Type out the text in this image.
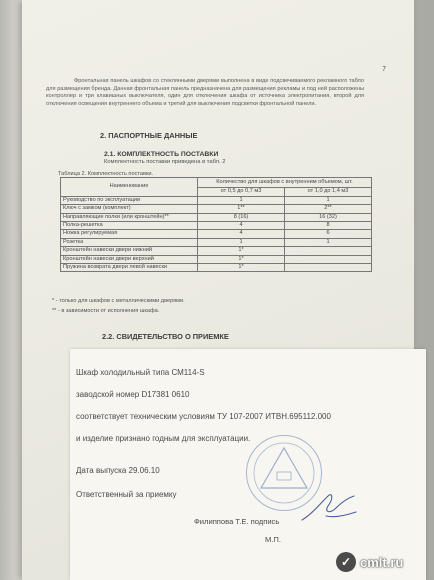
7

Фронтальная панель шкафов со стеклянными дверями выполнена в виде подсвечиваемого рекламного табло для размещения бренда. Данная фронтальная панель предназначена для размещения рекламы и под ней расположены контроллер и три клавишных выключателя, один для отключения шкафа от источника электропитания, второй для отключения освещения внутреннего объема и третий для выключения подсветки фронтальной панели.

2. ПАСПОРТНЫЕ ДАННЫЕ
2.1. КОМПЛЕКТНОСТЬ ПОСТАВКИ
Комплектность поставки приведена в табл. 2
Таблица 2. Комплектность поставки.
Наименование	Количество для шкафов с внутренним объемом, шт.	
	от 0,5 до 0,7 м3	от 1,0 до 1,4 м3
Руководство по эксплуатации	1	1
Ключ с замком (комплект)	1**	2**
Направляющие полки (или кронштейн)**	8 (16)	16 (32)
Полка-решетка	4	8
Ножка регулируемая	4	6
Розетка	1	1
Кронштейн навески двери нижний	1*	
Кронштейн навески двери верхний	1*	
Пружина возврата двери левой навески	1*	
* - только для шкафов с металлическими дверями.
** - в зависимости от исполнения шкафа.
2.2. СВИДЕТЕЛЬСТВО О ПРИЕМКЕ
Шкаф холодильный типа СМ114-S
заводской номер D17381 0610
соответствует техническим условиям ТУ 107-2007 ИТВН.695112.000
и изделие признано годным для эксплуатации.
Дата выпуска 29.06.10
Ответственный за приемку
Филиппова Т.Е. подпись
М.П.
✓ cmlt.ru
